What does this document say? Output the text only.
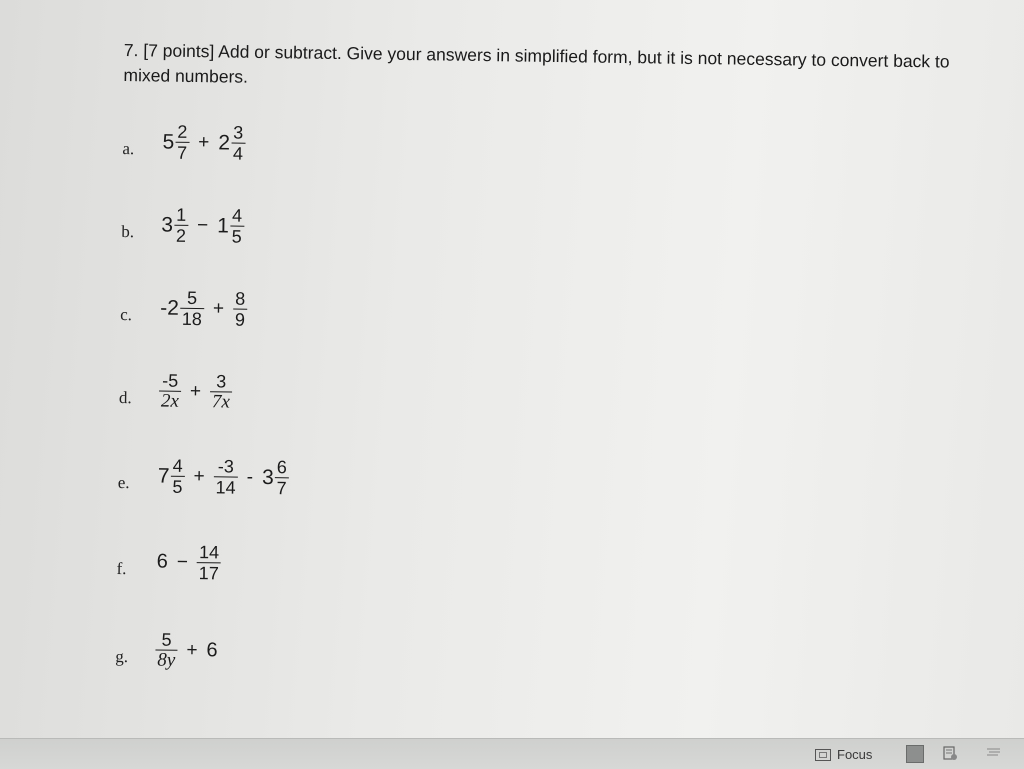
7. [7 points] Add or subtract. Give your answers in simplified form, but it is not necessary to convert back to mixed numbers.
a. $5 \frac{2}{7} + 2 \frac{3}{4}$
b. $3 \frac{1}{2} - 1 \frac{4}{5}$
c. $-2 \frac{5}{18} + \frac{8}{9}$
d. $\frac{-5}{2x} + \frac{3}{7x}$
e. $7 \frac{4}{5} + \frac{-3}{14} - 3 \frac{6}{7}$
f. $6 - \frac{14}{17}$
g. $\frac{5}{8y} + 6$
Focus
